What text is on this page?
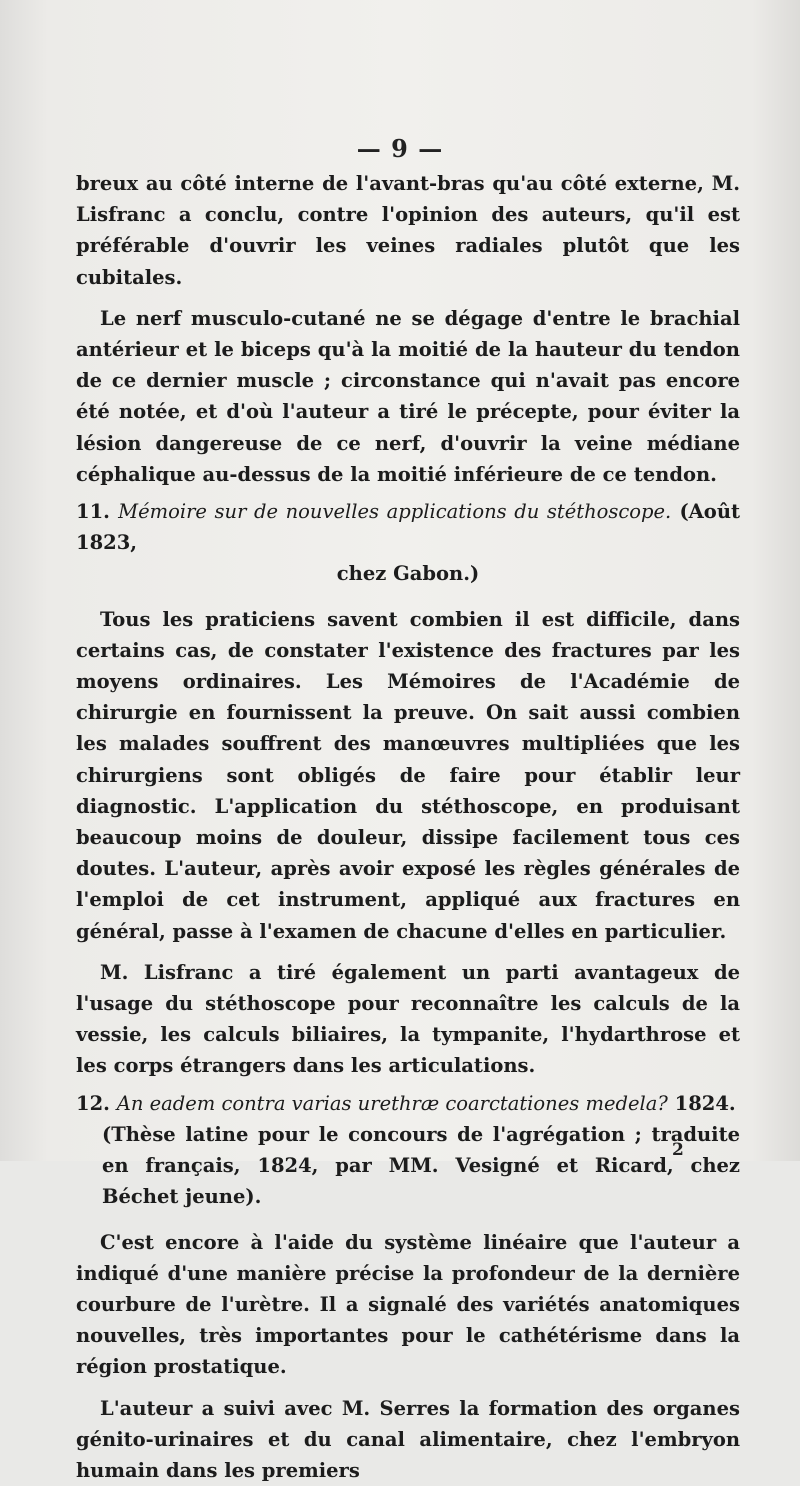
— 9 —

breux au côté interne de l'avant-bras qu'au côté externe, M. Lisfranc a conclu, contre l'opinion des auteurs, qu'il est préférable d'ouvrir les veines radiales plutôt que les cubitales.

Le nerf musculo-cutané ne se dégage d'entre le brachial antérieur et le biceps qu'à la moitié de la hauteur du tendon de ce dernier muscle ; circonstance qui n'avait pas encore été notée, et d'où l'auteur a tiré le précepte, pour éviter la lésion dangereuse de ce nerf, d'ouvrir la veine médiane céphalique au-dessus de la moitié inférieure de ce tendon.

11. Mémoire sur de nouvelles applications du stéthoscope. (Août 1823,
chez Gabon.)

Tous les praticiens savent combien il est difficile, dans certains cas, de constater l'existence des fractures par les moyens ordinaires. Les Mémoires de l'Académie de chirurgie en fournissent la preuve. On sait aussi combien les malades souffrent des manœuvres multipliées que les chirurgiens sont obligés de faire pour établir leur diagnostic. L'application du stéthoscope, en produisant beaucoup moins de douleur, dissipe facilement tous ces doutes. L'auteur, après avoir exposé les règles générales de l'emploi de cet instrument, appliqué aux fractures en général, passe à l'examen de chacune d'elles en particulier.

M. Lisfranc a tiré également un parti avantageux de l'usage du stéthoscope pour reconnaître les calculs de la vessie, les calculs biliaires, la tympanite, l'hydarthrose et les corps étrangers dans les articulations.

12. An eadem contra varias urethræ coarctationes medela? 1824.
(Thèse latine pour le concours de l'agrégation ; traduite en français, 1824, par MM. Vesigné et Ricard, chez Béchet jeune).

C'est encore à l'aide du système linéaire que l'auteur a indiqué d'une manière précise la profondeur de la dernière courbure de l'urètre. Il a signalé des variétés anatomiques nouvelles, très importantes pour le cathétérisme dans la région prostatique.

L'auteur a suivi avec M. Serres la formation des organes génito-urinaires et du canal alimentaire, chez l'embryon humain dans les premiers

2
